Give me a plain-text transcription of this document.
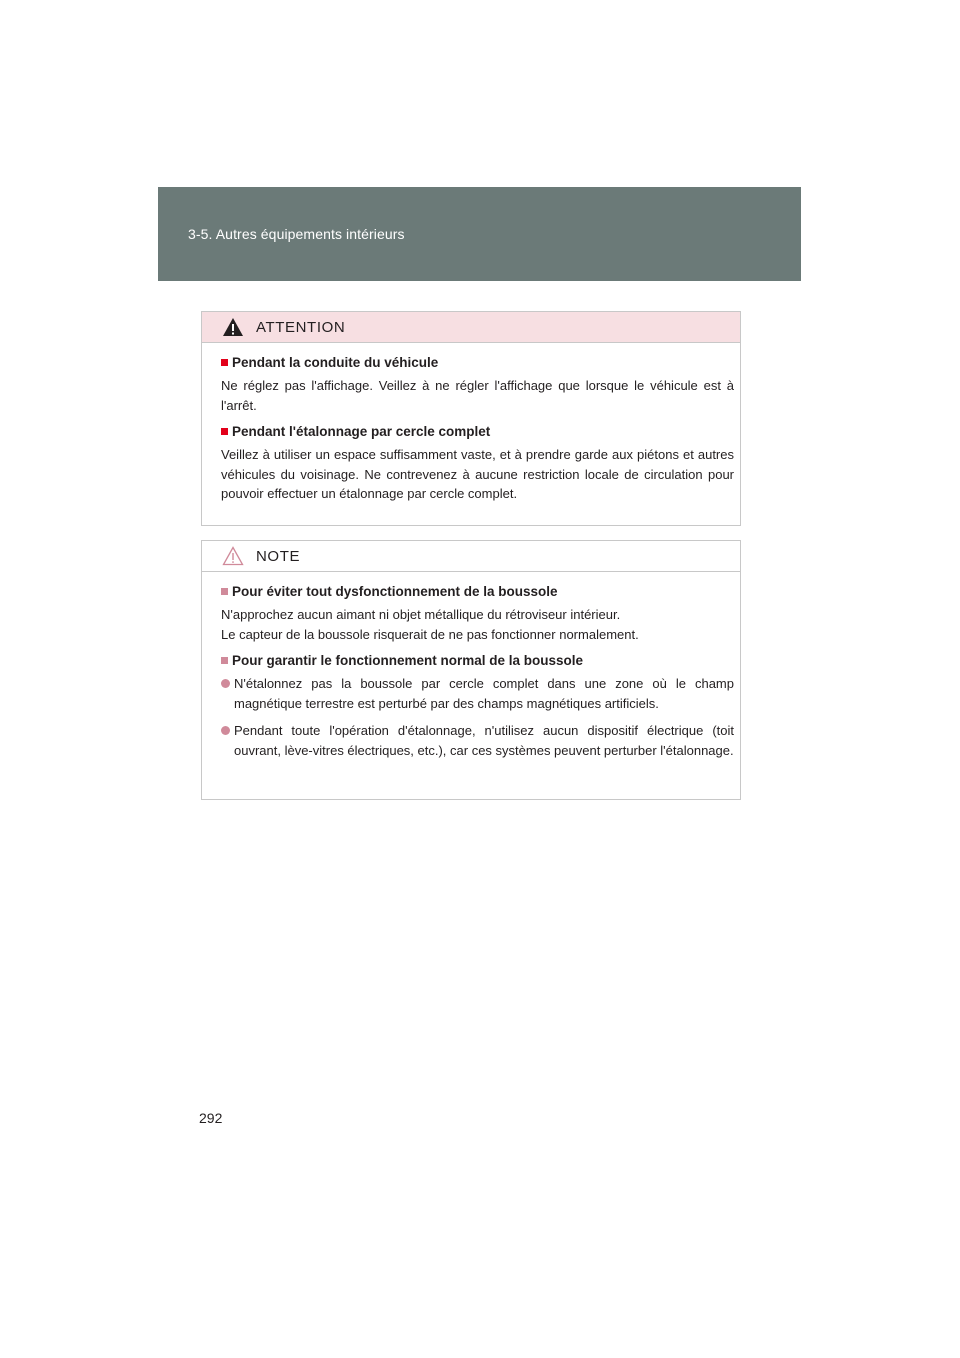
3-5. Autres équipements intérieurs
ATTENTION
Pendant la conduite du véhicule

Ne réglez pas l'affichage. Veillez à ne régler l'affichage que lorsque le véhicule est à l'arrêt.

Pendant l'étalonnage par cercle complet

Veillez à utiliser un espace suffisamment vaste, et à prendre garde aux piétons et autres véhicules du voisinage. Ne contrevenez à aucune restriction locale de circulation pour pouvoir effectuer un étalonnage par cercle complet.

NOTE
Pour éviter tout dysfonctionnement de la boussole

N'approchez aucun aimant ni objet métallique du rétroviseur intérieur.
Le capteur de la boussole risquerait de ne pas fonctionner normalement.

Pour garantir le fonctionnement normal de la boussole
N'étalonnez pas la boussole par cercle complet dans une zone où le champ magnétique terrestre est perturbé par des champs magnétiques artificiels.
Pendant toute l'opération d'étalonnage, n'utilisez aucun dispositif électrique (toit ouvrant, lève-vitres électriques, etc.), car ces systèmes peuvent perturber l'étalonnage.
292
